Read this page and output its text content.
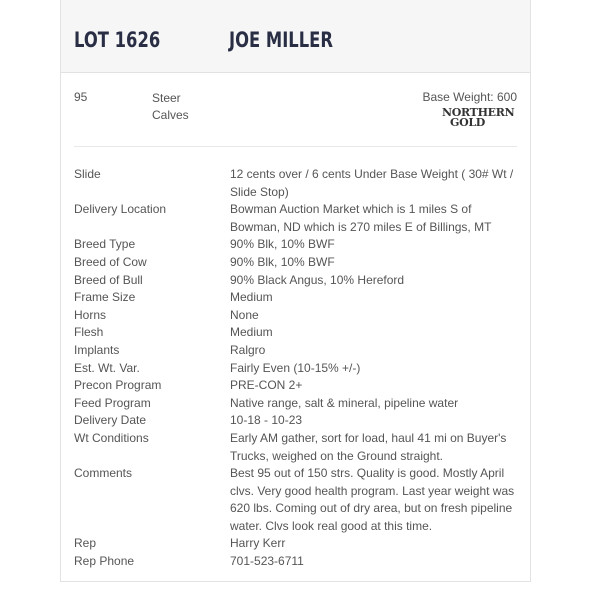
LOT 1626	JOE MILLER
95	Steer Calves
Base Weight: 600
NORTHERN
GOLD
Slide	12 cents over / 6 cents Under Base Weight ( 30# Wt / Slide Stop)
Delivery Location	Bowman Auction Market which is 1 miles S of Bowman, ND which is 270 miles E of Billings, MT
Breed Type	90% Blk, 10% BWF
Breed of Cow	90% Blk, 10% BWF
Breed of Bull	90% Black Angus, 10% Hereford
Frame Size	Medium
Horns	None
Flesh	Medium
Implants	Ralgro
Est. Wt. Var.	Fairly Even (10-15% +/-)
Precon Program	PRE-CON 2+
Feed Program	Native range, salt & mineral, pipeline water
Delivery Date	10-18 - 10-23
Wt Conditions	Early AM gather, sort for load, haul 41 mi on Buyer's Trucks, weighed on the Ground straight.
Comments	Best 95 out of 150 strs. Quality is good. Mostly April clvs. Very good health program. Last year weight was 620 lbs. Coming out of dry area, but on fresh pipeline water. Clvs look real good at this time.
Rep	Harry Kerr
Rep Phone	701-523-6711
